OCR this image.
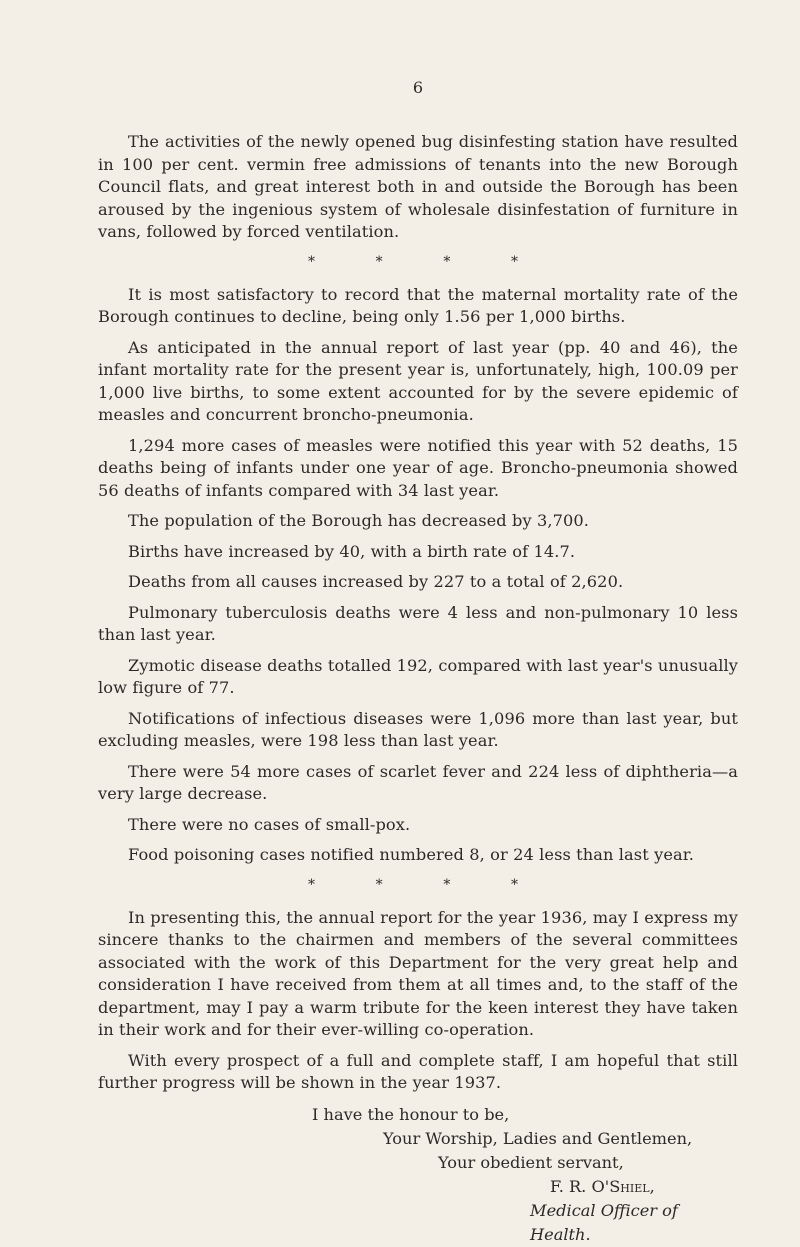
6

The activities of the newly opened bug disinfesting station have resulted in 100 per cent. vermin free admissions of tenants into the new Borough Council flats, and great interest both in and outside the Borough has been aroused by the ingenious system of wholesale disinfestation of furniture in vans, followed by forced ventilation.

*	*	*	*

It is most satisfactory to record that the maternal mortality rate of the Borough continues to decline, being only 1.56 per 1,000 births.

As anticipated in the annual report of last year (pp. 40 and 46), the infant mortality rate for the present year is, unfortunately, high, 100.09 per 1,000 live births, to some extent accounted for by the severe epidemic of measles and concurrent broncho-pneumonia.

1,294 more cases of measles were notified this year with 52 deaths, 15 deaths being of infants under one year of age. Broncho-pneumonia showed 56 deaths of infants compared with 34 last year.

The population of the Borough has decreased by 3,700.

Births have increased by 40, with a birth rate of 14.7.

Deaths from all causes increased by 227 to a total of 2,620.

Pulmonary tuberculosis deaths were 4 less and non-pulmonary 10 less than last year.

Zymotic disease deaths totalled 192, compared with last year's unusually low figure of 77.

Notifications of infectious diseases were 1,096 more than last year, but excluding measles, were 198 less than last year.

There were 54 more cases of scarlet fever and 224 less of diphtheria—a very large decrease.

There were no cases of small-pox.

Food poisoning cases notified numbered 8, or 24 less than last year.

*	*	*	*

In presenting this, the annual report for the year 1936, may I express my sincere thanks to the chairmen and members of the several committees associated with the work of this Department for the very great help and consideration I have received from them at all times and, to the staff of the department, may I pay a warm tribute for the keen interest they have taken in their work and for their ever-willing co-operation.

With every prospect of a full and complete staff, I am hopeful that still further progress will be shown in the year 1937.

I have the honour to be,

Your Worship, Ladies and Gentlemen,

Your obedient servant,

F. R. O'Shiel,

Medical Officer of Health.
